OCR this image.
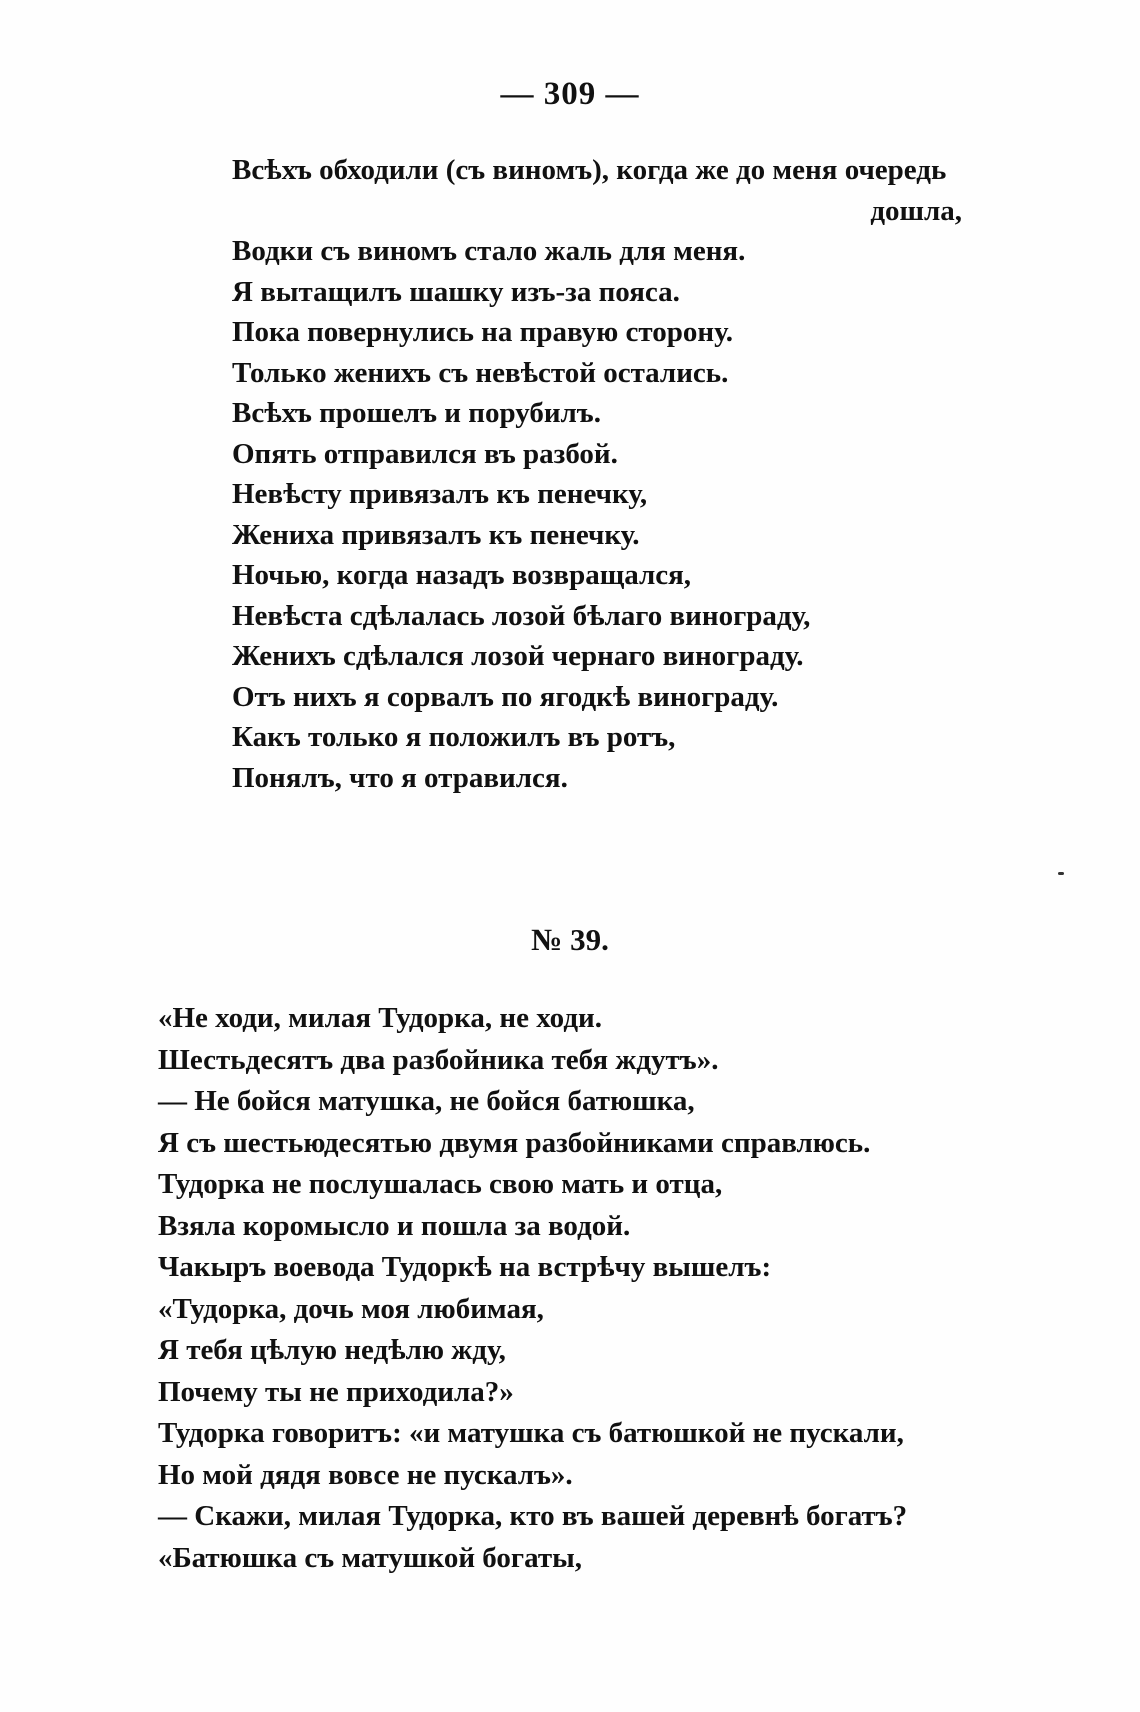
— 309 —
Всѣхъ обходили (съ виномъ), когда же до меня очередь
дошла,
Водки съ виномъ стало жаль для меня.
Я вытащилъ шашку изъ-за пояса.
Пока повернулись на правую сторону.
Только женихъ съ невѣстой остались.
Всѣхъ прошелъ и порубилъ.
Опять отправился въ разбой.
Невѣсту привязалъ къ пенечку,
Жениха привязалъ къ пенечку.
Ночью, когда назадъ возвращался,
Невѣста сдѣлалась лозой бѣлаго винограду,
Женихъ сдѣлался лозой чернаго винограду.
Отъ нихъ я сорвалъ по ягодкѣ винограду.
Какъ только я положилъ въ ротъ,
Понялъ, что я отравился.
№ 39.
«Не ходи, милая Тудорка, не ходи.
Шестьдесятъ два разбойника тебя ждутъ».
— Не бойся матушка, не бойся батюшка,
Я съ шестьюдесятью двумя разбойниками справлюсь.
Тудорка не послушалась свою мать и отца,
Взяла коромысло и пошла за водой.
Чакыръ воевода Тудоркѣ на встрѣчу вышелъ:
«Тудорка, дочь моя любимая,
Я тебя цѣлую недѣлю жду,
Почему ты не приходила?»
Тудорка говоритъ: «и матушка съ батюшкой не пускали,
Но мой дядя вовсе не пускалъ».
— Скажи, милая Тудорка, кто въ вашей деревнѣ богатъ?
«Батюшка съ матушкой богаты,
